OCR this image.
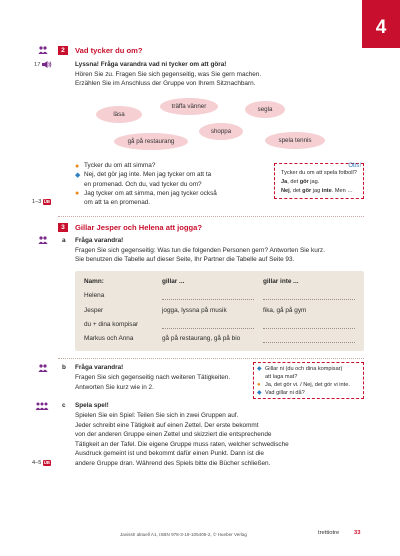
4
2	Vad tycker du om?
17	Lyssna! Fråga varandra vad ni tycker om att göra!
Hören Sie zu. Fragen Sie sich gegenseitig, was Sie gern machen.
Erzählen Sie im Anschluss der Gruppe von Ihrem Sitznachbarn.
träffa vänner
läsa
segla
shoppa
gå på restaurang	spela tennis
● Tycker du om att simma?
◆ Nej, det gör jag inte. Men jag tycker om att ta
en promenad. Och du, vad tycker du om?
● Jag tycker om att simma, men jag tycker också
om att ta en promenad.
1–3 ÜB
Obs!
Tycker du om att spela fotboll?
Ja, det gör jag.
Nej, det gör jag inte. Men …
3	Gillar Jesper och Helena att jogga?
a Fråga varandra!
Fragen Sie sich gegenseitig: Was tun die folgenden Personen gern? Antworten Sie kurz.
Sie benutzen die Tabelle auf dieser Seite, Ihr Partner die Tabelle auf Seite 93.
Namn:	gillar ...	gillar inte ...
Helena
Jesper	jogga, lyssna på musik	fika, gå på gym
du + dina kompisar
Markus och Anna	gå på restaurang, gå på bio
b Fråga varandra!
Fragen Sie sich gegenseitig nach weiteren Tätigkeiten.
Antworten Sie kurz wie in 2.
◆ Gillar ni (du och dina kompisar)
att laga mat?
● Ja, det gör vi. / Nej, det gör vi inte.
◆ Vad gillar ni då?
c Spela spel!
Spielen Sie ein Spiel: Teilen Sie sich in zwei Gruppen auf.
Jeder schreibt eine Tätigkeit auf einen Zettel. Der erste bekommt
von der anderen Gruppe einen Zettel und skizziert die entsprechende
Tätigkeit an der Tafel. Die eigene Gruppe muss raten, welcher schwedische
Ausdruck gemeint ist und bekommt dafür einen Punkt. Dann ist die
andere Gruppe dran. Während des Spiels bitte die Bücher schließen.
4–5 ÜB
Javisst! aktuell A1, ISBN 978-3-19-105405-2, © Hueber Verlag	trettiotre	33
